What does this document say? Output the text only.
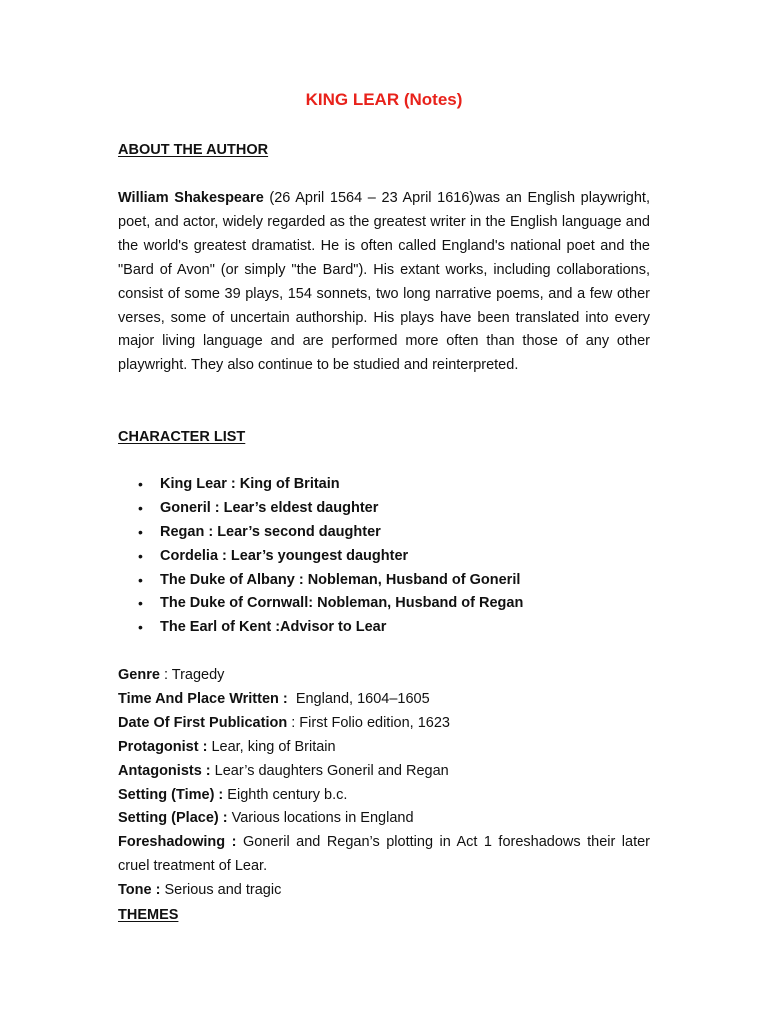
KING LEAR (Notes)
ABOUT THE AUTHOR
William Shakespeare (26 April 1564 – 23 April 1616)was an English playwright, poet, and actor, widely regarded as the greatest writer in the English language and the world's greatest dramatist. He is often called England's national poet and the "Bard of Avon" (or simply "the Bard"). His extant works, including collaborations, consist of some 39 plays, 154 sonnets, two long narrative poems, and a few other verses, some of uncertain authorship. His plays have been translated into every major living language and are performed more often than those of any other playwright. They also continue to be studied and reinterpreted.
CHARACTER LIST
• King Lear : King of Britain
• Goneril : Lear’s eldest daughter
• Regan : Lear’s second daughter
• Cordelia : Lear’s youngest daughter
• The Duke of Albany : Nobleman, Husband of Goneril
• The Duke of Cornwall: Nobleman, Husband of Regan
• The Earl of Kent :Advisor to Lear
Genre : Tragedy
Time And Place Written : England, 1604–1605
Date Of First Publication : First Folio edition, 1623
Protagonist : Lear, king of Britain
Antagonists : Lear’s daughters Goneril and Regan
Setting (Time) : Eighth century b.c.
Setting (Place) : Various locations in England
Foreshadowing : Goneril and Regan’s plotting in Act 1 foreshadows their later cruel treatment of Lear.
Tone : Serious and tragic
THEMES
